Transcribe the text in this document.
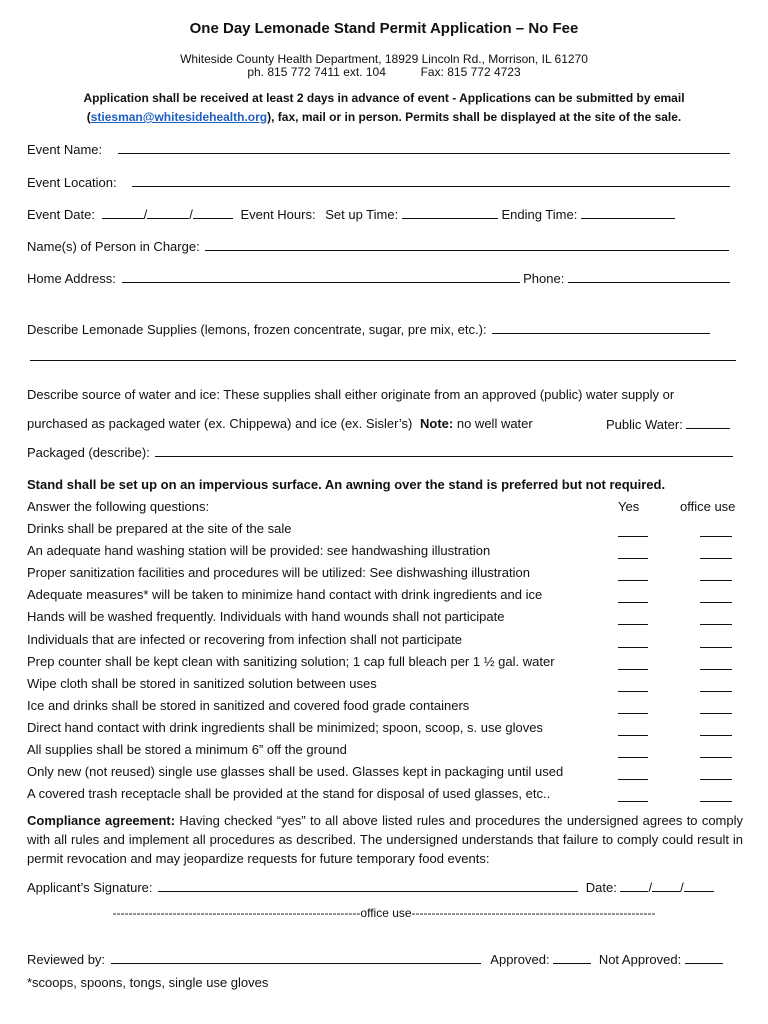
One Day Lemonade Stand Permit Application – No Fee
Whiteside County Health Department, 18929 Lincoln Rd., Morrison, IL 61270
ph. 815 772 7411 ext. 104	Fax: 815 772 4723
Application shall be received at least 2 days in advance of event - Applications can be submitted by email
(stiesman@whitesidehealth.org), fax, mail or in person. Permits shall be displayed at the site of the sale.
Event Name:
Event Location:
Event Date:	/	/	Event Hours: Set up Time:	Ending Time:
Name(s) of Person in Charge:
Home Address:	Phone:
Describe Lemonade Supplies (lemons, frozen concentrate, sugar, pre mix, etc.):
Describe source of water and ice: These supplies shall either originate from an approved (public) water supply or
purchased as packaged water (ex. Chippewa) and ice (ex. Sisler’s) Note: no well water	Public Water:
Packaged (describe):
Stand shall be set up on an impervious surface. An awning over the stand is preferred but not required.
Answer the following questions:	Yes	office use
Drinks shall be prepared at the site of the sale
An adequate hand washing station will be provided: see handwashing illustration
Proper sanitization facilities and procedures will be utilized: See dishwashing illustration
Adequate measures* will be taken to minimize hand contact with drink ingredients and ice
Hands will be washed frequently. Individuals with hand wounds shall not participate
Individuals that are infected or recovering from infection shall not participate
Prep counter shall be kept clean with sanitizing solution; 1 cap full bleach per 1 ½ gal. water
Wipe cloth shall be stored in sanitized solution between uses
Ice and drinks shall be stored in sanitized and covered food grade containers
Direct hand contact with drink ingredients shall be minimized; spoon, scoop, s. use gloves
All supplies shall be stored a minimum 6” off the ground
Only new (not reused) single use glasses shall be used. Glasses kept in packaging until used
A covered trash receptacle shall be provided at the stand for disposal of used glasses, etc..
Compliance agreement: Having checked “yes” to all above listed rules and procedures the undersigned agrees to comply with all rules and implement all procedures as described. The undersigned understands that failure to comply could result in permit revocation and may jeopardize requests for future temporary food events:
Applicant’s Signature:	Date: / /
--------------------------------------------------------------office use-------------------------------------------------------------
Reviewed by:	Approved:	Not Approved:
*scoops, spoons, tongs, single use gloves
